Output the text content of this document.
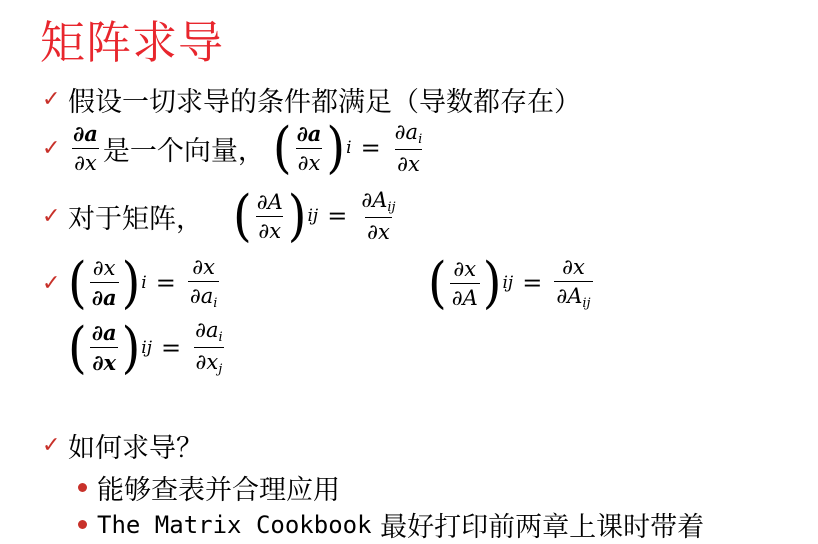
矩阵求导
✓ 假设一切求导的条件都满足（导数都存在）
✓ $\frac{\partial a}{\partial x}$ 是一个向量， ( $\frac{\partial a}{\partial x}$ ) $i = \frac{\partial a_i}{\partial x}$
✓ 对于矩阵， ( $\frac{\partial A}{\partial x}$ ) ij = $\frac{\partial A_{ij}}{\partial x}$
✓ ( $\frac{\partial x}{\partial a}$ ) $i = \frac{\partial x}{\partial a_i}$	( $\frac{\partial x}{\partial A}$ ) ij = $\frac{\partial x}{\partial A_{ij}}$
( $\frac{\partial a}{\partial x}$ ) ij = $\frac{\partial a_i}{\partial x_j}$
✓ 如何求导？
能够查表并合理应用
The Matrix Cookbook 最好打印前两章上课时带着
